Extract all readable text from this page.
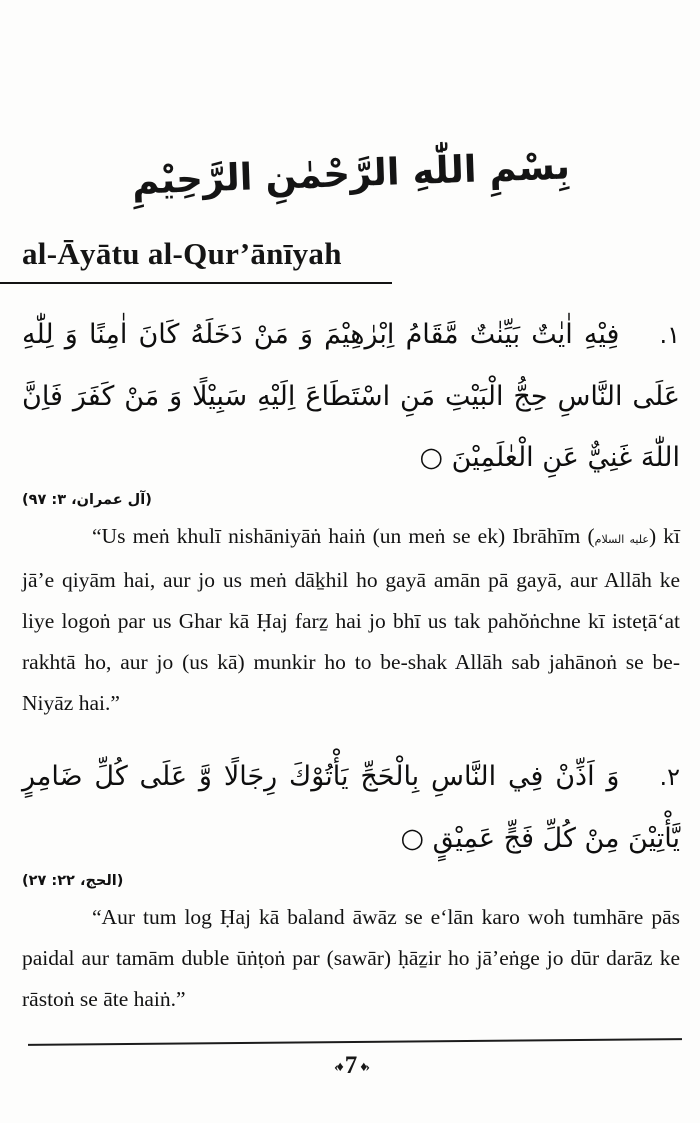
بِسْمِ اللّٰهِ الرَّحْمٰنِ الرَّحِيْمِ
al-Āyātu al-Qur’ānīyah
١.فِيْهِ اٰيٰتٌ بَيِّنٰتٌ مَّقَامُ اِبْرٰهِيْمَ وَ مَنْ دَخَلَهُ كَانَ اٰمِنًا وَ لِلّٰهِ عَلَى النَّاسِ حِجُّ الْبَيْتِ مَنِ اسْتَطَاعَ اِلَيْهِ سَبِيْلًا وَ مَنْ كَفَرَ فَاِنَّ اللّٰهَ غَنِيٌّ عَنِ الْعٰلَمِيْنَ ○
(آل عمران، ٣: ٩٧)

“Us meṅ khulī nishāniyāṅ haiṅ (un meṅ se ek) Ibrāhīm (عليه السلام) kī jā’e qiyām hai, aur jo us meṅ dāḵhil ho gayā amān pā gayā, aur Allāh ke liye logoṅ par us Ghar kā Ḥaj farẕ hai jo bhī us tak pahŏṅchne kī isteṭā‘at rakhtā ho, aur jo (us kā) munkir ho to be-shak Allāh sab jahānoṅ se be-Niyāz hai.”

٢.وَ اَذِّنْ فِي النَّاسِ بِالْحَجِّ يَأْتُوْكَ رِجَالًا وَّ عَلَى كُلِّ ضَامِرٍ يَّأْتِيْنَ مِنْ كُلِّ فَجٍّ عَمِيْقٍ ○
(الحج، ٢٢: ٢٧)

“Aur tum log Ḥaj kā baland āwāz se e‘lān karo woh tumhāre pās paidal aur tamām duble ūṅṭoṅ par (sawār) ḥāẕir ho jā’eṅge jo dūr darāz ke rāstoṅ se āte haiṅ.”

‹♦ 7 ♦›
